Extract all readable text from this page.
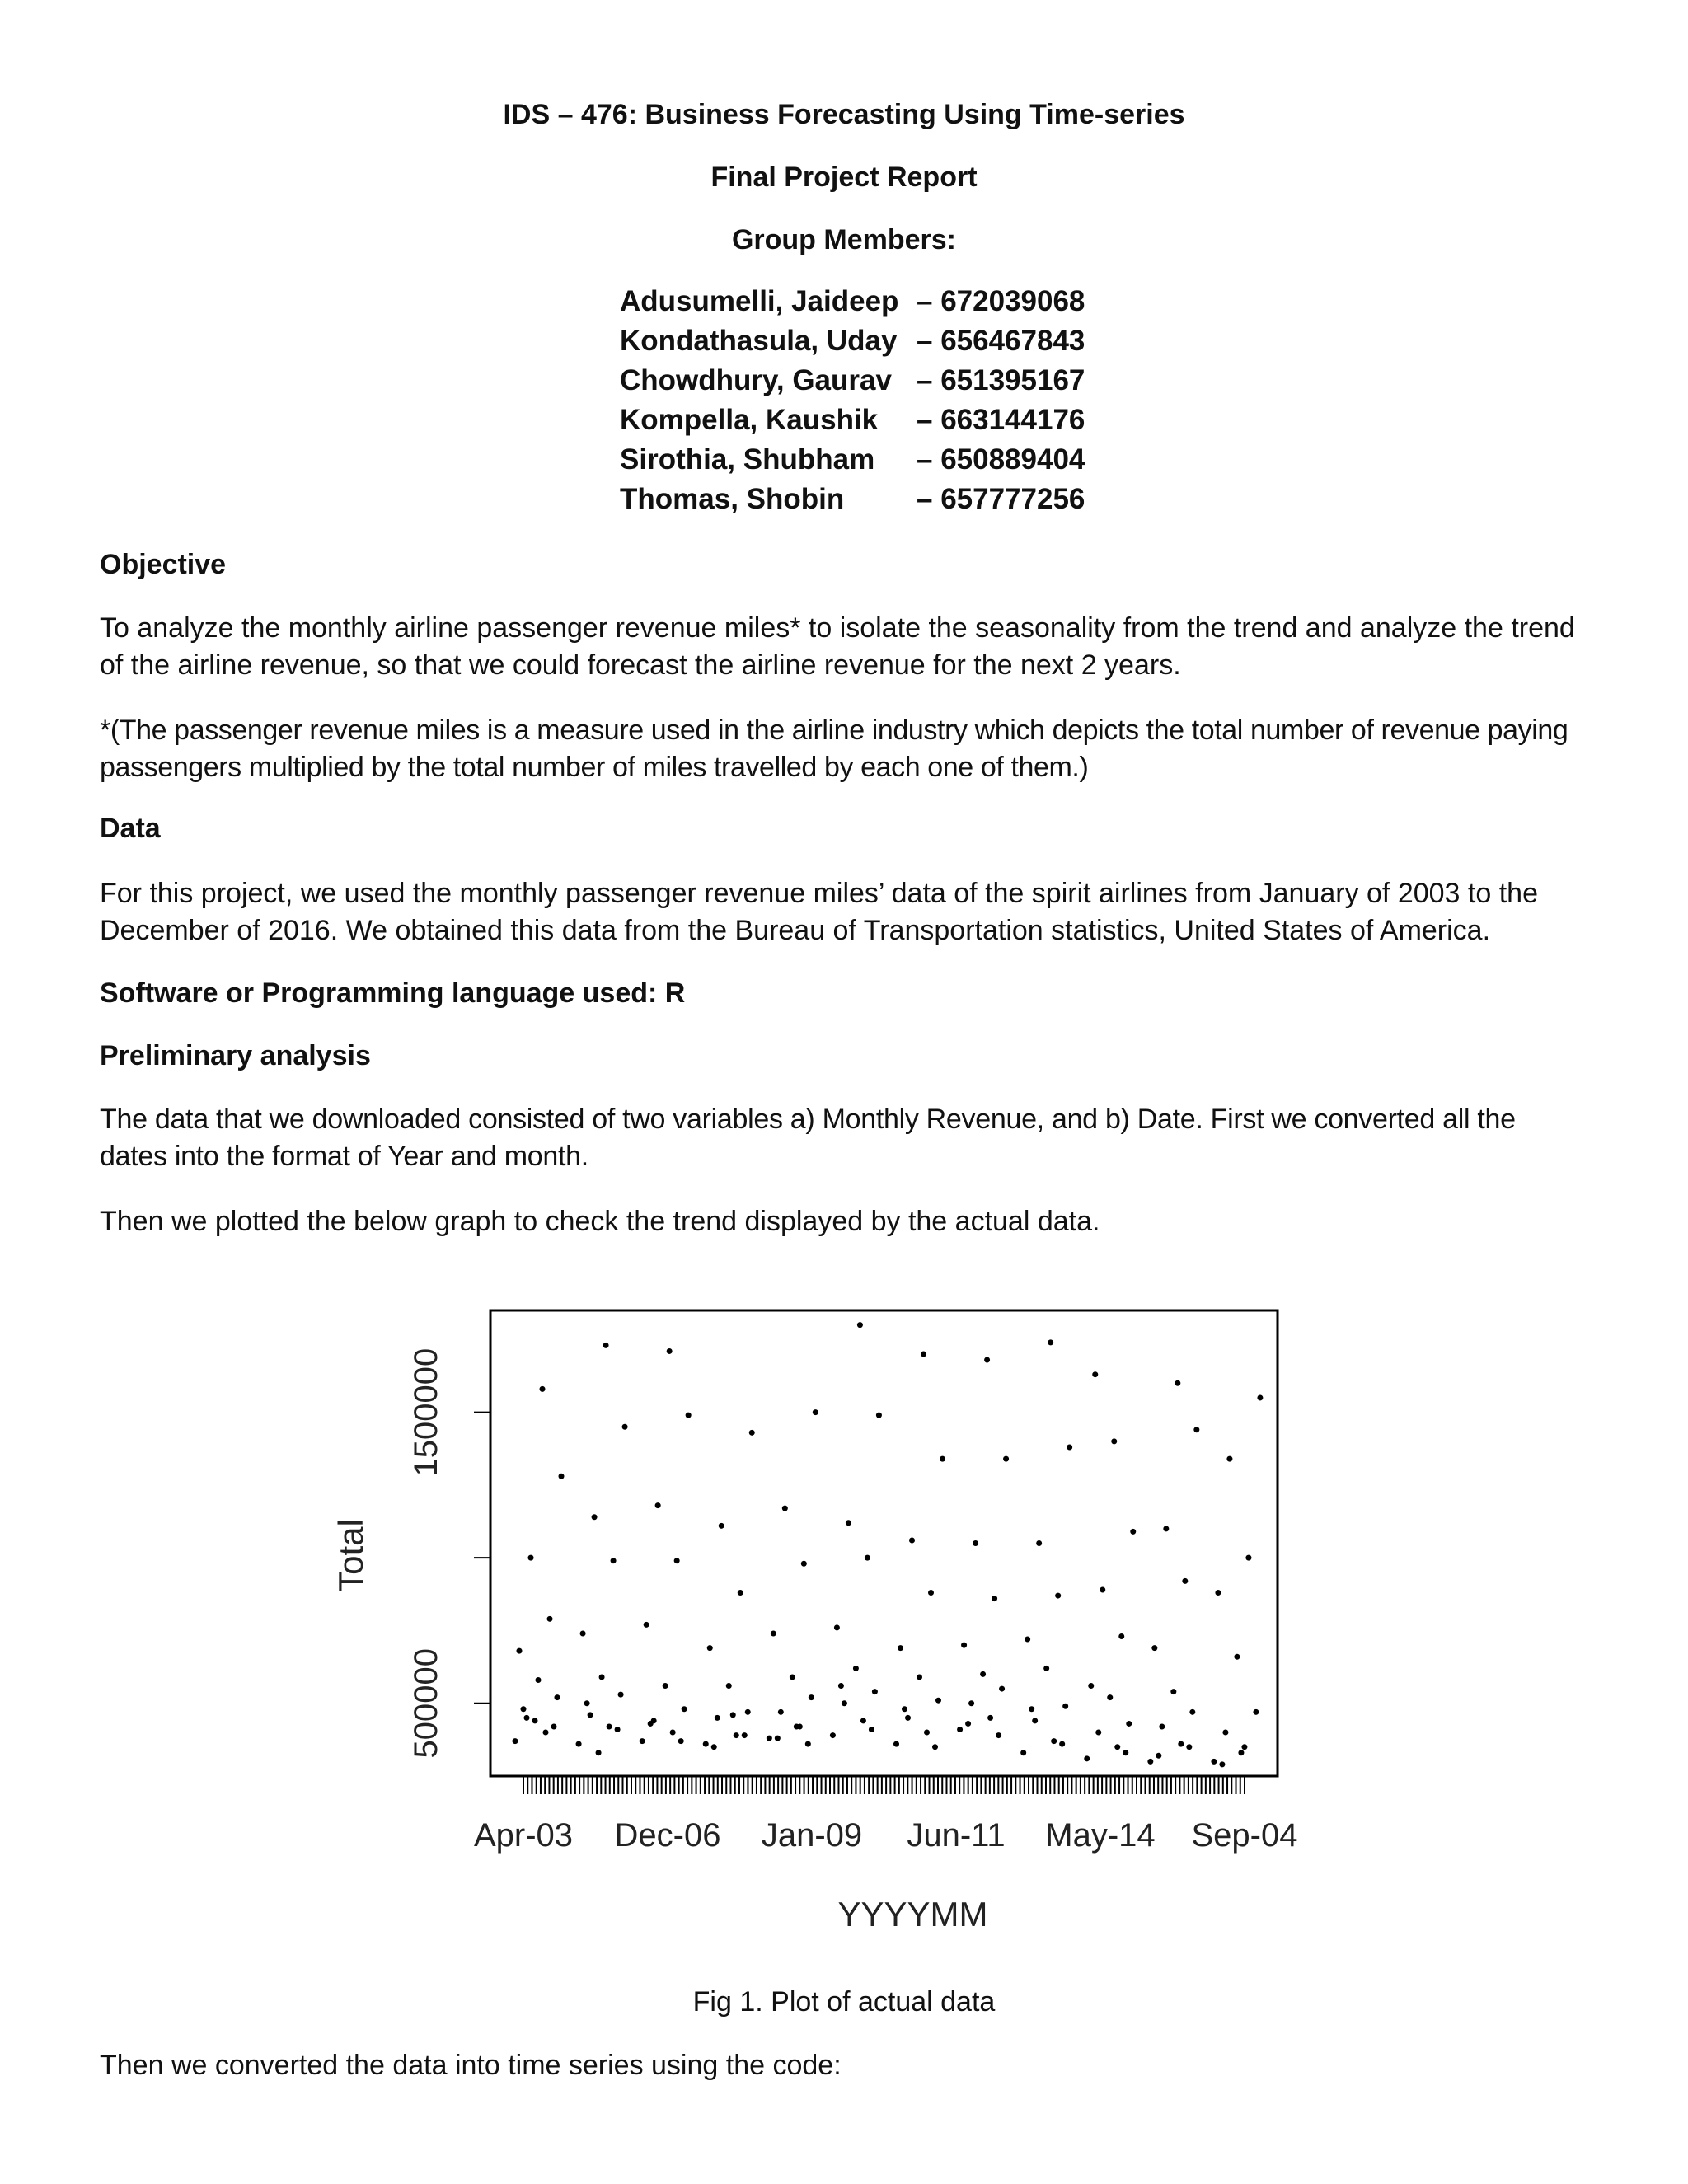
IDS – 476: Business Forecasting Using Time-series
Final Project Report
Group Members:
Adusumelli, Jaideep – 672039068
Kondathasula, Uday – 656467843
Chowdhury, Gaurav – 651395167
Kompella, Kaushik – 663144176
Sirothia, Shubham – 650889404
Thomas, Shobin	– 657777256
Objective
To analyze the monthly airline passenger revenue miles* to isolate the seasonality from the trend and analyze the trend of the airline revenue, so that we could forecast the airline revenue for the next 2 years.
*(The passenger revenue miles is a measure used in the airline industry which depicts the total number of revenue paying passengers multiplied by the total number of miles travelled by each one of them.)
Data
For this project, we used the monthly passenger revenue miles’ data of the spirit airlines from January of 2003 to the December of 2016. We obtained this data from the Bureau of Transportation statistics, United States of America.
Software or Programming language used: R
Preliminary analysis
The data that we downloaded consisted of two variables a) Monthly Revenue, and b) Date. First we converted all the dates into the format of Year and month.
Then we plotted the below graph to check the trend displayed by the actual data.
500000
1500000
Total
Apr-03 Dec-06 Jan-09 Jun-11 May-14 Sep-04
YYYYMM
Fig 1. Plot of actual data
Then we converted the data into time series using the code:
